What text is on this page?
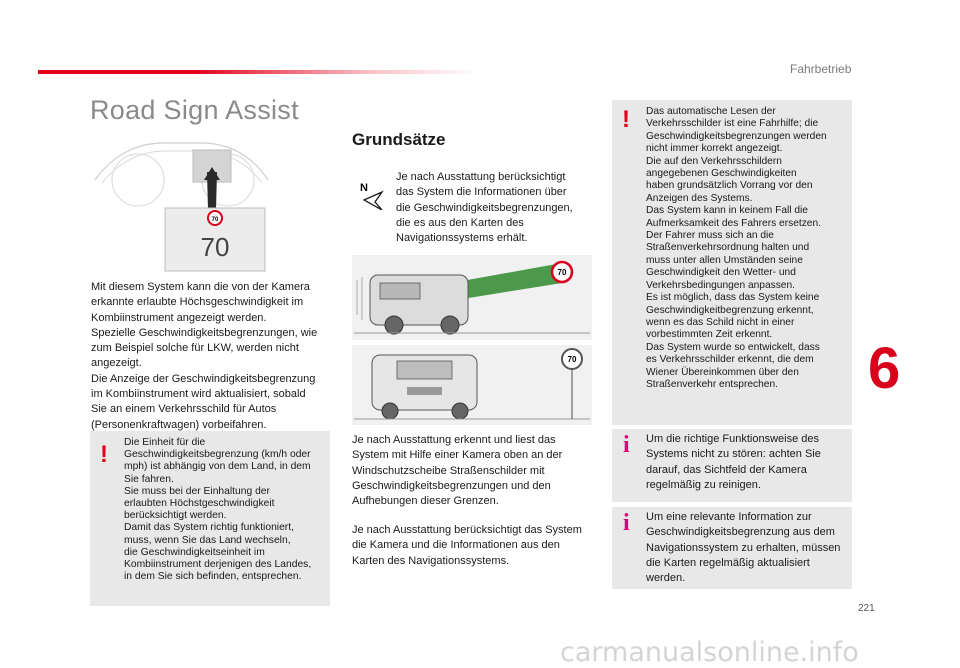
Fahrbetrieb
Road Sign Assist
70
70
Mit diesem System kann die von der Kamera
erkannte erlaubte Höchsgeschwindigkeit im
Kombiinstrument angezeigt werden.
Spezielle Geschwindigkeitsbegrenzungen, wie
zum Beispiel solche für LKW, werden nicht
angezeigt.
Die Anzeige der Geschwindigkeitsbegrenzung
im Kombiinstrument wird aktualisiert, sobald
Sie an einem Verkehrsschild für Autos
(Personenkraftwagen) vorbeifahren.
! Die Einheit für die
Geschwindigkeitsbegrenzung (km/h oder
mph) ist abhängig von dem Land, in dem
Sie fahren.
Sie muss bei der Einhaltung der
erlaubten Höchstgeschwindigkeit
berücksichtigt werden.
Damit das System richtig funktioniert,
muss, wenn Sie das Land wechseln,
die Geschwindigkeitseinheit im
Kombiinstrument derjenigen des Landes,
in dem Sie sich befinden, entsprechen.
Grundsätze
N
Je nach Ausstattung berücksichtigt
das System die Informationen über
die Geschwindigkeitsbegrenzungen,
die es aus den Karten des
Navigationssystems erhält.
70
70
Je nach Ausstattung erkennt und liest das
System mit Hilfe einer Kamera oben an der
Windschutzscheibe Straßenschilder mit
Geschwindigkeitsbegrenzungen und den
Aufhebungen dieser Grenzen.
Je nach Ausstattung berücksichtigt das System
die Kamera und die Informationen aus den
Karten des Navigationssystems.
! Das automatische Lesen der
Verkehrsschilder ist eine Fahrhilfe; die
Geschwindigkeitsbegrenzungen werden
nicht immer korrekt angezeigt.
Die auf den Verkehrsschildern
angegebenen Geschwindigkeiten
haben grundsätzlich Vorrang vor den
Anzeigen des Systems.
Das System kann in keinem Fall die
Aufmerksamkeit des Fahrers ersetzen.
Der Fahrer muss sich an die
Straßenverkehrsordnung halten und
muss unter allen Umständen seine
Geschwindigkeit den Wetter- und
Verkehrsbedingungen anpassen.
Es ist möglich, dass das System keine
Geschwindigkeitbegrenzung erkennt,
wenn es das Schild nicht in einer
vorbestimmten Zeit erkennt.
Das System wurde so entwickelt, dass
es Verkehrsschilder erkennt, die dem
Wiener Übereinkommen über den
Straßenverkehr entsprechen.
i Um die richtige Funktionsweise des
Systems nicht zu stören: achten Sie
darauf, das Sichtfeld der Kamera
regelmäßig zu reinigen.
i Um eine relevante Information zur
Geschwindigkeitsbegrenzung aus dem
Navigationssystem zu erhalten, müssen
die Karten regelmäßig aktualisiert
werden.
6
221
carmanualsonline.info
